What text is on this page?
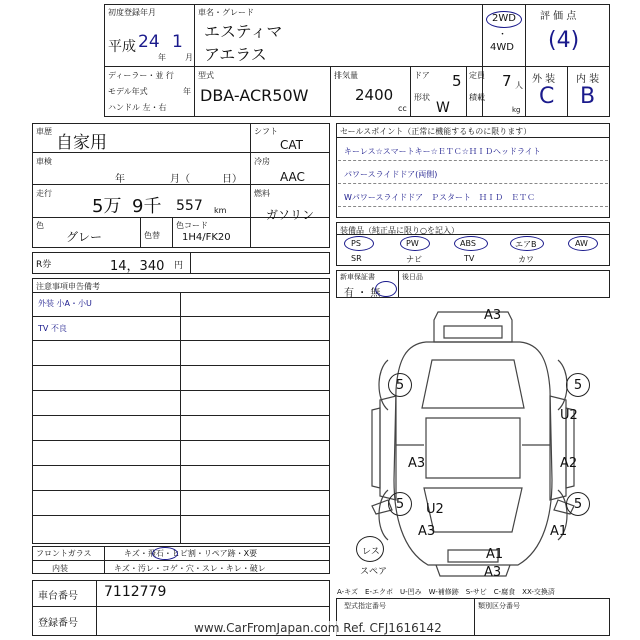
初度登録年月
平成 24
年
1
月
車名・グレード
エスティマ
アエラス
2WD
・
4WD
評 価 点
(4)
ディーラー・並 行
モデル年式	年
ハンドル 左・右
型式
DBA-ACR50W
排気量
2400
cc
ドア 5
形状
W
定員 7 人
積載
kg
外 装 内 装
C B
車歴
自家用
車検
年	月（	日）
走行
5万 9千 557 km
色
グレー	色替
色コード
1H4/FK20
シフト
CAT
冷房
AAC
燃料
ガソリン
R券	14，340 円
セールスポイント（正常に機能するものに限ります）
キーレス☆スマートキー☆ＥＴＣ☆ＨＩＤヘッドライト
パワースライドドア(両側)
Wパワースライドドア　Ｐスタート　ＨＩＤ　ＥＴＣ
装備品（純正品に限り○を記入）
PS	PW	ABS	エアB	AW
SR	ナビ	TV	カワ
新車保証書	後日品
有 ・ 無
注意事項申告備考
外装 小A・小U
TV 不良
フロントガラス	キズ・飛石・ヒビ割・リペア跡・X要
内装	キズ・汚レ・コゲ・穴・スレ・キレ・破レ
車台番号 7112779
登録番号
5	5
5	5
A3
U2
A3	A2
U2
A3	A1
A1
A3
レス
スペア
A-キズ　E-エクボ　U-凹み　W-補修跡　S-サビ　C-腐食　XX-交換済
型式指定番号	類別区分番号
www.CarFromJapan.com Ref. CFJ1616142
